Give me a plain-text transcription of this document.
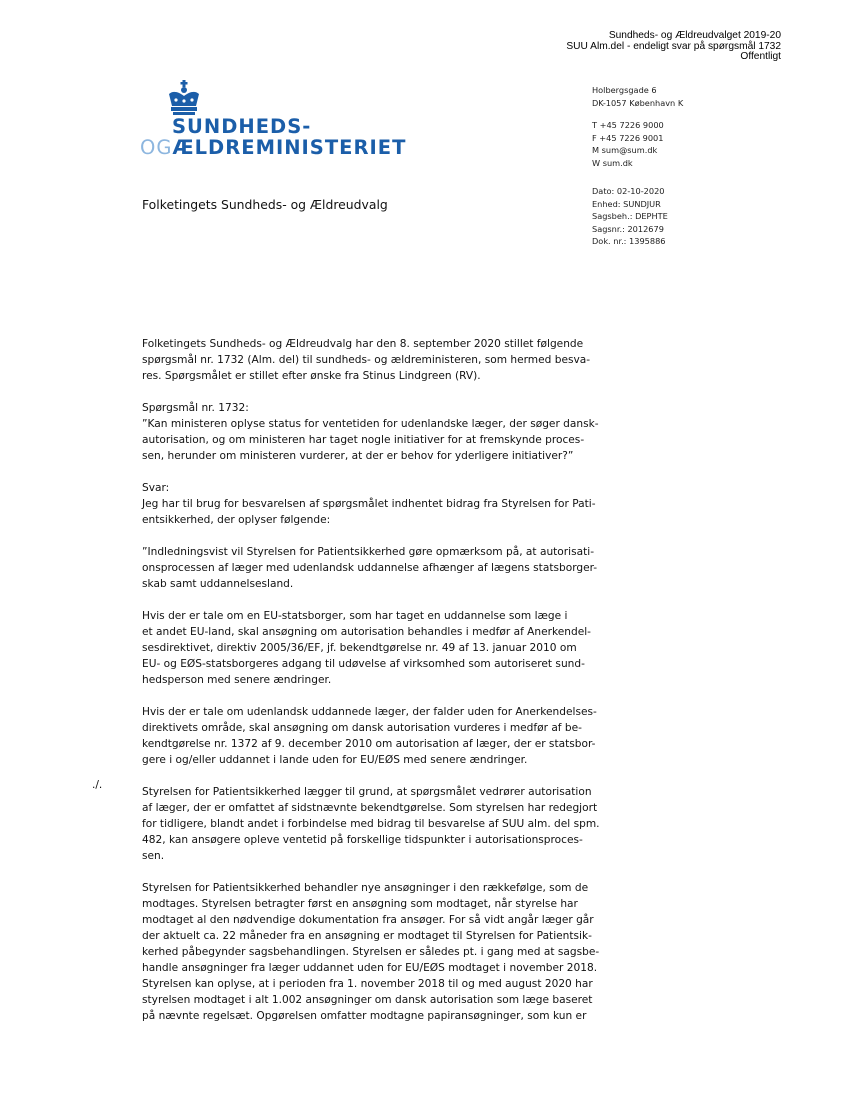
Sundheds- og Ældreudvalget 2019-20
SUU Alm.del - endeligt svar på spørgsmål 1732
Offentligt
SUNDHEDS-
OGÆLDREMINISTERIET
Holbergsgade 6
DK-1057 København K
T +45 7226 9000
F +45 7226 9001
M sum@sum.dk
W sum.dk
Dato: 02-10-2020
Enhed: SUNDJUR
Sagsbeh.: DEPHTE
Sagsnr.: 2012679
Dok. nr.: 1395886
Folketingets Sundheds- og Ældreudvalg
./.

Folketingets Sundheds- og Ældreudvalg har den 8. september 2020 stillet følgende
spørgsmål nr. 1732 (Alm. del) til sundheds- og ældreministeren, som hermed besva-
res. Spørgsmålet er stillet efter ønske fra Stinus Lindgreen (RV).

Spørgsmål nr. 1732:
”Kan ministeren oplyse status for ventetiden for udenlandske læger, der søger dansk-
autorisation, og om ministeren har taget nogle initiativer for at fremskynde proces-
sen, herunder om ministeren vurderer, at der er behov for yderligere initiativer?”

Svar:
Jeg har til brug for besvarelsen af spørgsmålet indhentet bidrag fra Styrelsen for Pati-
entsikkerhed, der oplyser følgende:

”Indledningsvist vil Styrelsen for Patientsikkerhed gøre opmærksom på, at autorisati-
onsprocessen af læger med udenlandsk uddannelse afhænger af lægens statsborger-
skab samt uddannelsesland.

Hvis der er tale om en EU-statsborger, som har taget en uddannelse som læge i
et andet EU-land, skal ansøgning om autorisation behandles i medfør af Anerkendel-
sesdirektivet, direktiv 2005/36/EF, jf. bekendtgørelse nr. 49 af 13. januar 2010 om
EU- og EØS-statsborgeres adgang til udøvelse af virksomhed som autoriseret sund-
hedsperson med senere ændringer.

Hvis der er tale om udenlandsk uddannede læger, der falder uden for Anerkendelses-
direktivets område, skal ansøgning om dansk autorisation vurderes i medfør af be-
kendtgørelse nr. 1372 af 9. december 2010 om autorisation af læger, der er statsbor-
gere i og/eller uddannet i lande uden for EU/EØS med senere ændringer.

Styrelsen for Patientsikkerhed lægger til grund, at spørgsmålet vedrører autorisation
af læger, der er omfattet af sidstnævnte bekendtgørelse. Som styrelsen har redegjort
for tidligere, blandt andet i forbindelse med bidrag til besvarelse af SUU alm. del spm.
482, kan ansøgere opleve ventetid på forskellige tidspunkter i autorisationsproces-
sen.

Styrelsen for Patientsikkerhed behandler nye ansøgninger i den rækkefølge, som de
modtages. Styrelsen betragter først en ansøgning som modtaget, når styrelse har
modtaget al den nødvendige dokumentation fra ansøger. For så vidt angår læger går
der aktuelt ca. 22 måneder fra en ansøgning er modtaget til Styrelsen for Patientsik-
kerhed påbegynder sagsbehandlingen. Styrelsen er således pt. i gang med at sagsbe-
handle ansøgninger fra læger uddannet uden for EU/EØS modtaget i november 2018.
Styrelsen kan oplyse, at i perioden fra 1. november 2018 til og med august 2020 har
styrelsen modtaget i alt 1.002 ansøgninger om dansk autorisation som læge baseret
på nævnte regelsæt. Opgørelsen omfatter modtagne papiransøgninger, som kun er
